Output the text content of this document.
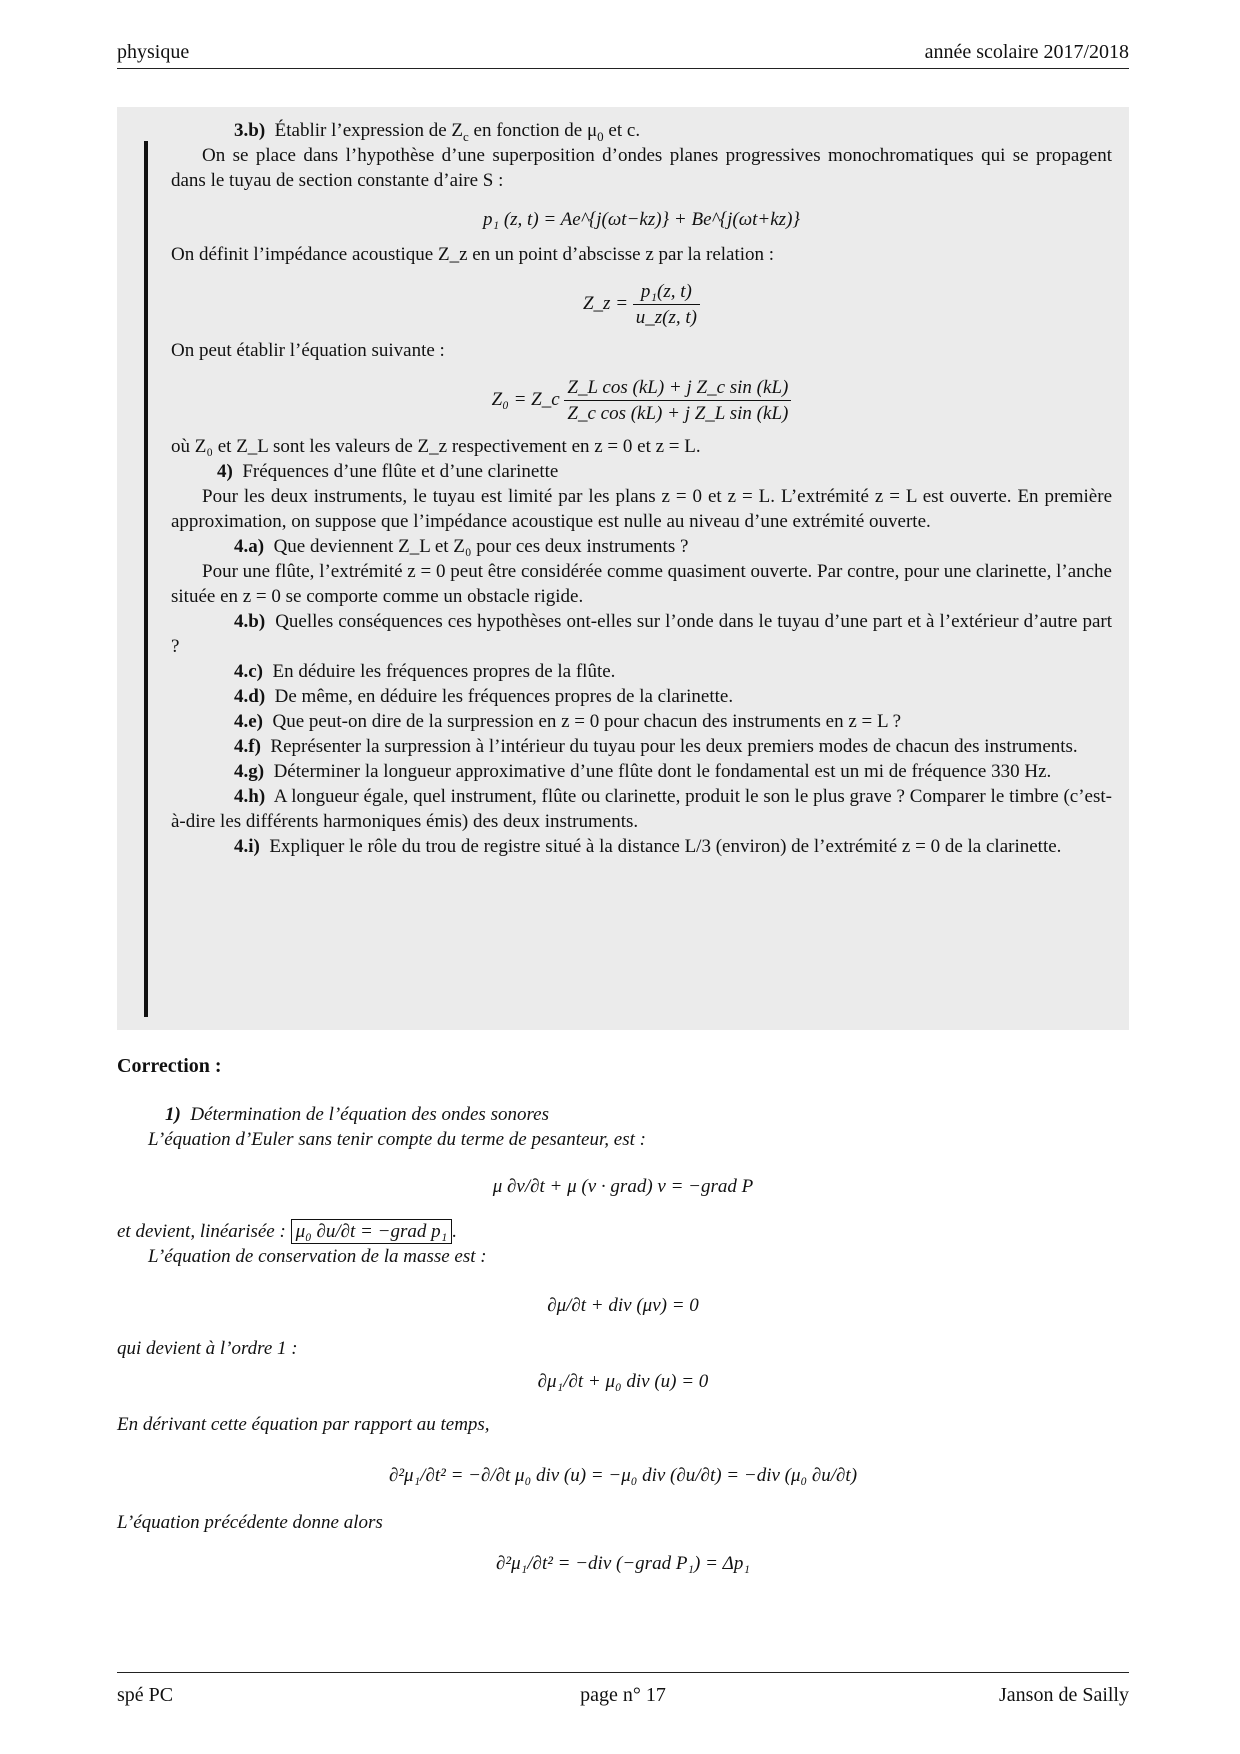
physique	année scolaire 2017/2018

3.b) Établir l’expression de $Z_c$ en fonction de $\mu_0$ et c.

On se place dans l’hypothèse d’une superposition d’ondes planes progressives monochromatiques qui se propagent dans le tuyau de section constante d’aire S :

p₁ (z, t) = Ae^{j(ωt−kz)} + Be^{j(ωt+kz)}

On définit l’impédance acoustique Z_z en un point d’abscisse z par la relation :

Z_z = $\frac{\text{p₁(z, t)}}{u\_z(z, t)}$

On peut établir l’équation suivante :

Z₀ = Z_c $\frac{\text{Z\_L cos (kL) + j Z\_c sin (kL)}}{\text{Z\_c cos (kL) + j Z\_L sin (kL)}}$

où Z₀ et Z_L sont les valeurs de Z_z respectivement en z = 0 et z = L.

4) Fréquences d’une flûte et d’une clarinette

Pour les deux instruments, le tuyau est limité par les plans z = 0 et z = L. L’extrémité z = L est ouverte. En première approximation, on suppose que l’impédance acoustique est nulle au niveau d’une extrémité ouverte.

4.a) Que deviennent Z_L et Z₀ pour ces deux instruments ?

Pour une flûte, l’extrémité z = 0 peut être considérée comme quasiment ouverte. Par contre, pour une clarinette, l’anche située en z = 0 se comporte comme un obstacle rigide.

4.b) Quelles conséquences ces hypothèses ont-elles sur l’onde dans le tuyau d’une part et à l’extérieur d’autre part ?

4.c) En déduire les fréquences propres de la flûte.

4.d) De même, en déduire les fréquences propres de la clarinette.

4.e) Que peut-on dire de la surpression en z = 0 pour chacun des instruments en z = L ?

4.f) Représenter la surpression à l’intérieur du tuyau pour les deux premiers modes de chacun des instruments.

4.g) Déterminer la longueur approximative d’une flûte dont le fondamental est un mi de fréquence 330 Hz.

4.h) A longueur égale, quel instrument, flûte ou clarinette, produit le son le plus grave ? Comparer le timbre (c’est-à-dire les différents harmoniques émis) des deux instruments.

4.i) Expliquer le rôle du trou de registre situé à la distance L/3 (environ) de l’extrémité z = 0 de la clarinette.

Correction :

1) Détermination de l’équation des ondes sonores

L’équation d’Euler sans tenir compte du terme de pesanteur, est :

μ ∂v/∂t + μ (v · grad) v = −grad P

et devient, linéarisée : μ₀ ∂u/∂t = −grad p₁ .

L’équation de conservation de la masse est :

∂μ/∂t + div (μv) = 0

qui devient à l’ordre 1 :

∂μ₁/∂t + μ₀ div (u) = 0

En dérivant cette équation par rapport au temps,

∂²μ₁/∂t² = −∂/∂t μ₀ div (u) = −μ₀ div (∂u/∂t) = −div (μ₀ ∂u/∂t)

L’équation précédente donne alors

∂²μ₁/∂t² = −div (−grad P₁) = Δp₁

spé PC	page n° 17	Janson de Sailly
